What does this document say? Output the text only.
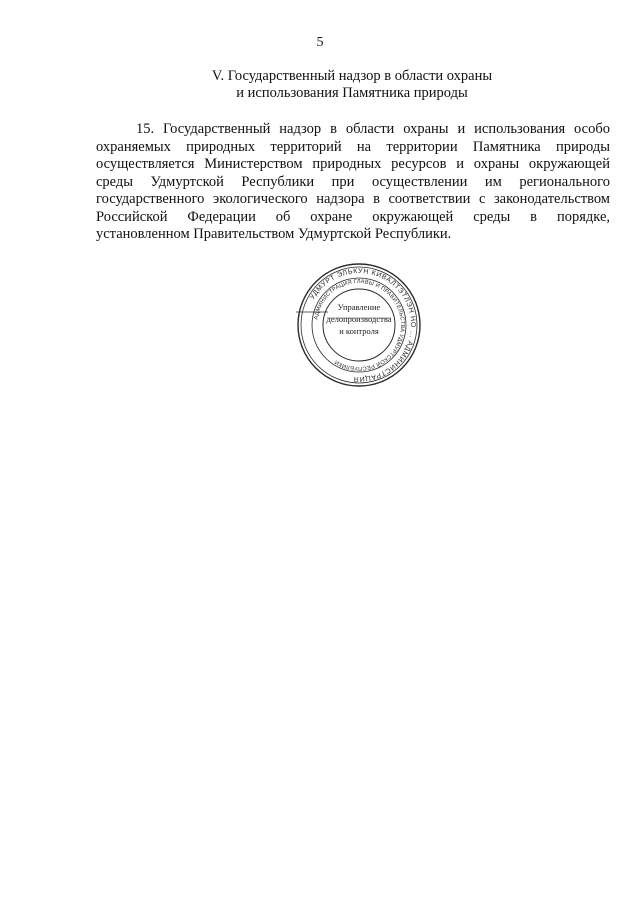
5
V. Государственный надзор в области охраны
и использования Памятника природы
15. Государственный надзор в области охраны и использования особо
охраняемых природных территорий на территории Памятника природы
осуществляется Министерством природных ресурсов и охраны окружающей
среды Удмуртской Республики при осуществлении им регионального
государственного экологического надзора в соответствии с законодательством
Российской Федерации об охране окружающей среды в порядке,
установленном Правительством Удмуртской Республики.
УДМУРТ ЭЛЬКУН КИВАЛТЭТЛЭН НО ... АДМИНИСТРАЦИЯ
АДМИНИСТРАЦИЯ ГЛАВЫ И ПРАВИТЕЛЬСТВА УДМУРТСКОЙ РЕСПУБЛИКИ
Управление
делопроизводства
и контроля
